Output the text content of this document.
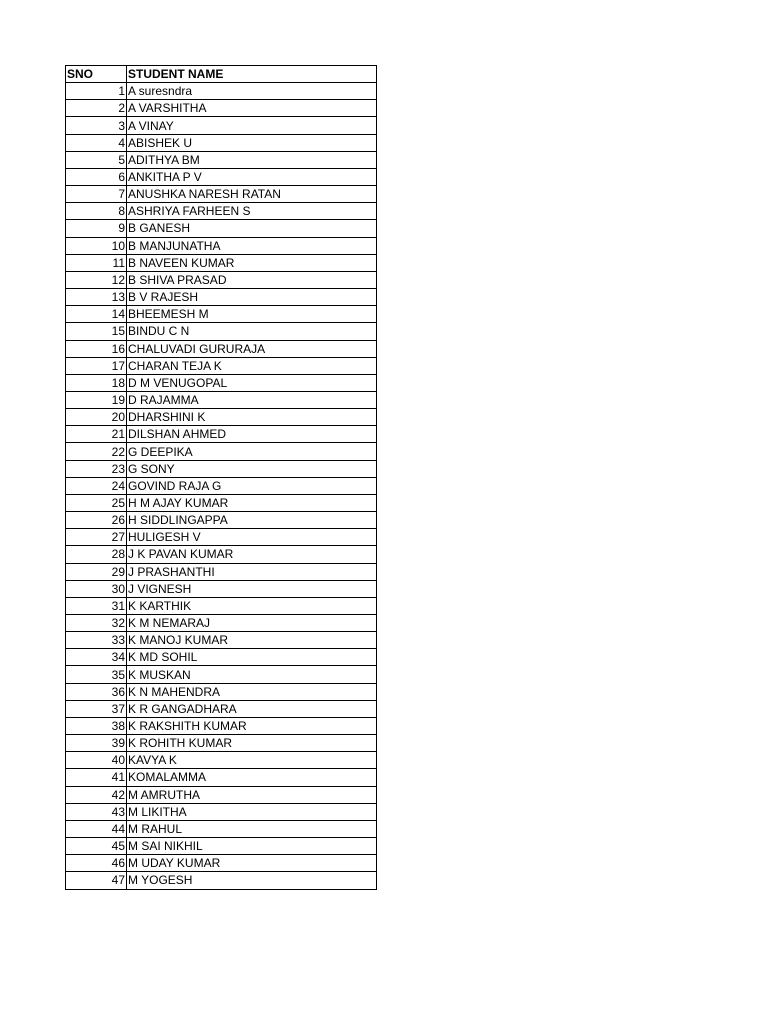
SNO	STUDENT NAME
1	A suresndra
2	A VARSHITHA
3	A VINAY
4	ABISHEK U
5	ADITHYA BM
6	ANKITHA P V
7	ANUSHKA NARESH RATAN
8	ASHRIYA FARHEEN S
9	B GANESH
10	B MANJUNATHA
11	B NAVEEN KUMAR
12	B SHIVA PRASAD
13	B V RAJESH
14	BHEEMESH M
15	BINDU C N
16	CHALUVADI GURURAJA
17	CHARAN TEJA K
18	D M VENUGOPAL
19	D RAJAMMA
20	DHARSHINI K
21	DILSHAN AHMED
22	G DEEPIKA
23	G SONY
24	GOVIND RAJA G
25	H M AJAY KUMAR
26	H SIDDLINGAPPA
27	HULIGESH V
28	J K PAVAN KUMAR
29	J PRASHANTHI
30	J VIGNESH
31	K KARTHIK
32	K M NEMARAJ
33	K MANOJ KUMAR
34	K MD SOHIL
35	K MUSKAN
36	K N MAHENDRA
37	K R GANGADHARA
38	K RAKSHITH KUMAR
39	K ROHITH KUMAR
40	KAVYA K
41	KOMALAMMA
42	M AMRUTHA
43	M LIKITHA
44	M RAHUL
45	M SAI NIKHIL
46	M UDAY KUMAR
47	M YOGESH
